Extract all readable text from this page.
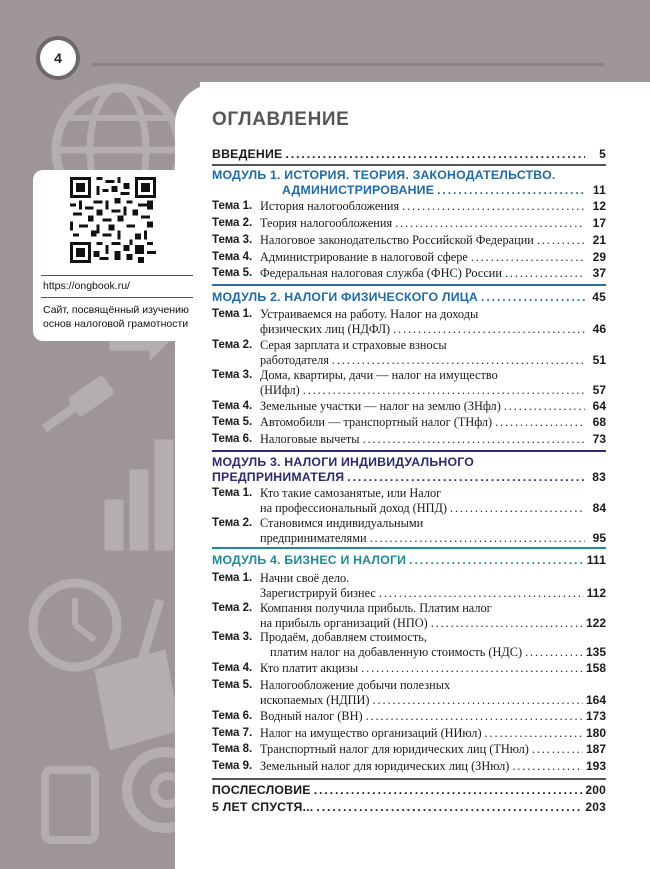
4
https://ongbook.ru/
Сайт, посвящённый изучению основ налоговой грамотности
ОГЛАВЛЕНИЕ
ВВЕДЕНИЕ .....	5
МОДУЛЬ 1. ИСТОРИЯ. ТЕОРИЯ. ЗАКОНОДАТЕЛЬСТВО.
АДМИНИСТРИРОВАНИЕ .....	11
Тема 1. История налогообложения .....	12
Тема 2. Теория налогообложения .....	17
Тема 3. Налоговое законодательство Российской Федерации .....	21
Тема 4. Администрирование в налоговой сфере .....	29
Тема 5. Федеральная налоговая служба (ФНС) России .....	37
МОДУЛЬ 2. НАЛОГИ ФИЗИЧЕСКОГО ЛИЦА .....	45
Тема 1. Устраиваемся на работу. Налог на доходы
физических лиц (НДФЛ) .....	46
Тема 2. Серая зарплата и страховые взносы
работодателя .....	51
Тема 3. Дома, квартиры, дачи — налог на имущество
(НИфл) .....	57
Тема 4. Земельные участки — налог на землю (ЗНфл) .....	64
Тема 5. Автомобили — транспортный налог (ТНфл) .....	68
Тема 6. Налоговые вычеты .....	73
МОДУЛЬ 3. НАЛОГИ ИНДИВИДУАЛЬНОГО
ПРЕДПРИНИМАТЕЛЯ .....	83
Тема 1. Кто такие самозанятые, или Налог
на профессиональный доход (НПД) .....	84
Тема 2. Становимся индивидуальными
предпринимателями .....	95
МОДУЛЬ 4. БИЗНЕС И НАЛОГИ .....	111
Тема 1. Начни своё дело.
Зарегистрируй бизнес .....	112
Тема 2. Компания получила прибыль. Платим налог
на прибыль организаций (НПО) .....	122
Тема 3. Продаём, добавляем стоимость,
платим налог на добавленную стоимость (НДС) .....	135
Тема 4. Кто платит акцизы .....	158
Тема 5. Налогообложение добычи полезных
ископаемых (НДПИ) .....	164
Тема 6. Водный налог (ВН) .....	173
Тема 7. Налог на имущество организаций (НИюл) .....	180
Тема 8. Транспортный налог для юридических лиц (ТНюл) .....	187
Тема 9. Земельный налог для юридических лиц (ЗНюл) .....	193
ПОСЛЕСЛОВИЕ .....	200
5 ЛЕТ СПУСТЯ... .....	203
